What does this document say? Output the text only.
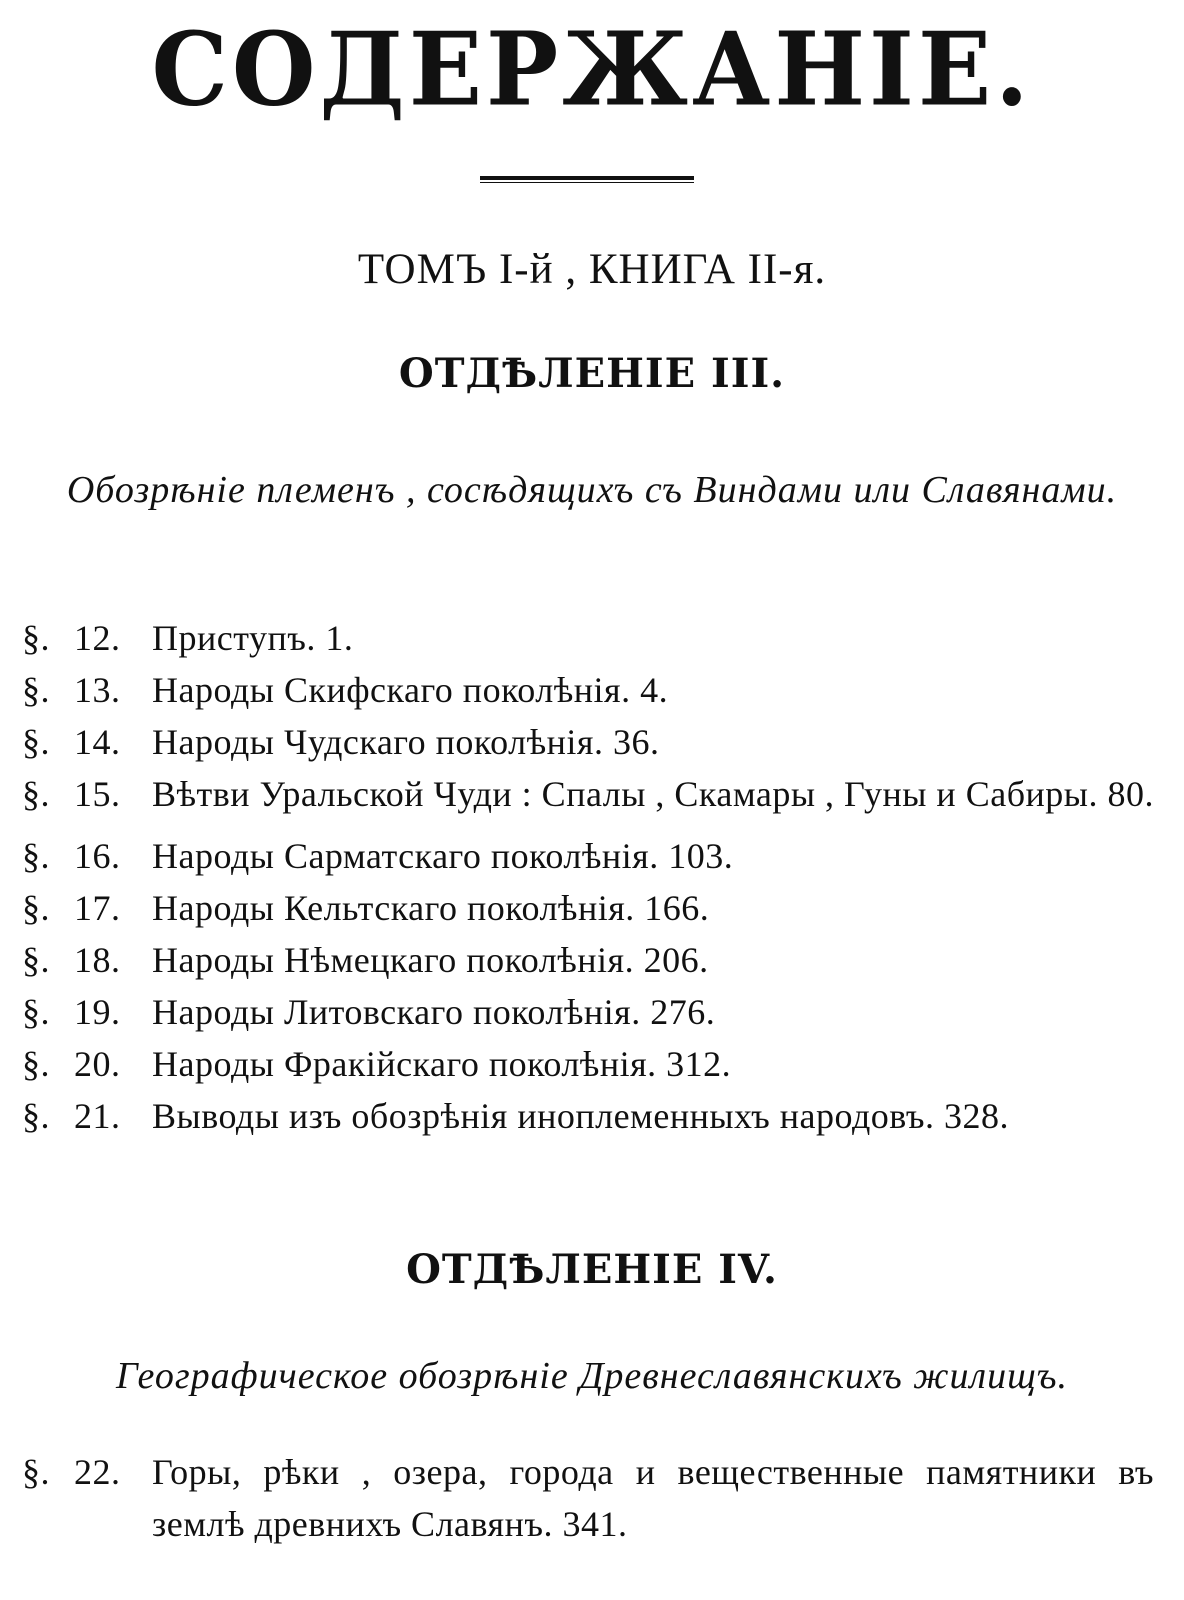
СОДЕРЖАНІЕ.
ТОМЪ I-й , КНИГА II-я.
ОТДѢЛЕНІЕ III.
Обозрѣніе племенъ , сосѣдящихъ съ Виндами или Славянами.
§. 12. Приступъ. 1.
§. 13. Народы Скифскаго поколѣнія. 4.
§. 14. Народы Чудскаго поколѣнія. 36.
§. 15. Вѣтви Уральской Чуди : Спалы , Скамары , Гуны и Сабиры. 80.
§. 16. Народы Сарматскаго поколѣнія. 103.
§. 17. Народы Кельтскаго поколѣнія. 166.
§. 18. Народы Нѣмецкаго поколѣнія. 206.
§. 19. Народы Литовскаго поколѣнія. 276.
§. 20. Народы Фракійскаго поколѣнія. 312.
§. 21. Выводы изъ обозрѣнія иноплеменныхъ народовъ. 328.
ОТДѢЛЕНІЕ IV.
Географическое обозрѣніе Древнеславянскихъ жилищъ.
§. 22. Горы, рѣки , озера, города и вещественные памятники въ землѣ древнихъ Славянъ. 341.
